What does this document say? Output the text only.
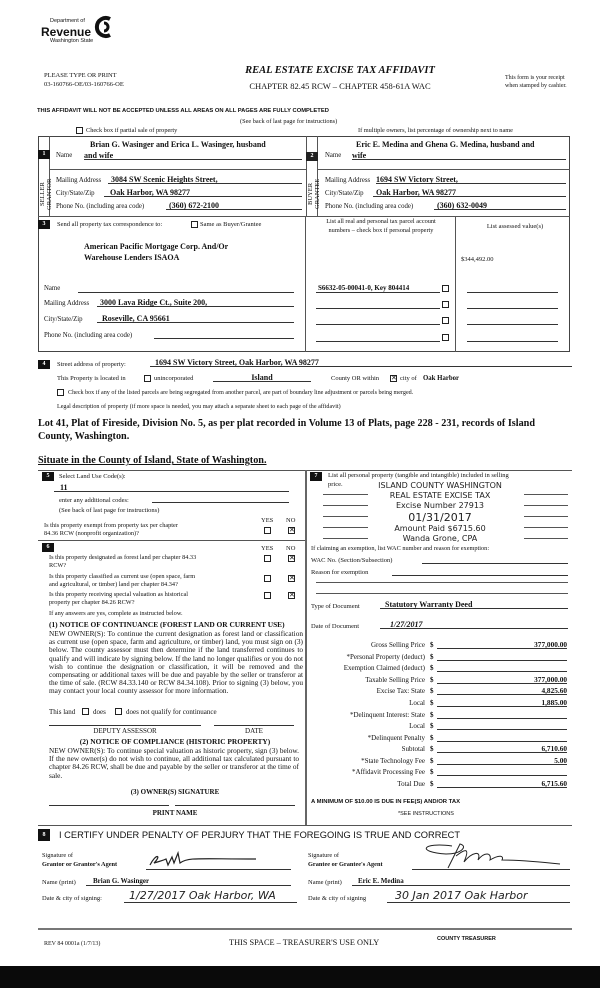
Department of
Revenue
Washington State
PLEASE TYPE OR PRINT
03-160766-OE/03-160766-OE
REAL ESTATE EXCISE TAX AFFIDAVIT
CHAPTER 82.45 RCW – CHAPTER 458-61A WAC
This form is your receipt
when stamped by cashier.
THIS AFFIDAVIT WILL NOT BE ACCEPTED UNLESS ALL AREAS ON ALL PAGES ARE FULLY COMPLETED
(See back of last page for instructions)
Check box if partial sale of property	If multiple owners, list percentage of ownership next to name
1
SELLER GRANTOR
Name
Brian G. Wasinger and Erica L. Wasinger, husband
and wife
Mailing Address	3084 SW Scenic Heights Street,
City/State/Zip	Oak Harbor, WA 98277
Phone No. (including area code)	(360) 672-2100
2
BUYER GRANTEE
Name
Eric E. Medina and Ghena G. Medina, husband and
wife
Mailing Address 1694 SW Victory Street,
City/State/Zip	Oak Harbor, WA 98277
Phone No. (including area code)	(360) 632-0049
3	Send all property tax correspondence to:	Same as Buyer/Grantee
American Pacific Mortgage Corp. And/Or
Warehouse Lenders ISAOA
Name
Mailing Address	3000 Lava Ridge Ct., Suite 200,
City/State/Zip	Roseville, CA 95661
Phone No. (including area code)
List all real and personal tax parcel account
numbers – check box if personal property
List assessed value(s)
$344,492.00
S6632-05-00041-0, Key 804414
4	Street address of property:	1694 SW Victory Street, Oak Harbor, WA 98277
This Property is located in	unincorporated	Island	County OR within ✕ city of Oak Harbor
Check box if any of the listed parcels are being segregated from another parcel, are part of boundary line adjustment or parcels being merged.
Legal description of property (if more space is needed, you may attach a separate sheet to each page of the affidavit)
Lot 41, Plat of Fireside, Division No. 5, as per plat recorded in Volume 13 of Plats, page 228 - 231, records of Island
County, Washington.
Situate in the County of Island, State of Washington.
5	Select Land Use Code(s):
11
enter any additional codes:
(See back of last page for instructions)
YES NO
Is this property exempt from property tax per chapter
84.36 RCW (nonprofit organization)?	✕
6	YES NO
Is this property designated as forest land per chapter 84.33
RCW?
✕
Is this property classified as current use (open space, farm
and agricultural, or timber) land per chapter 84.34?
✕
Is this property receiving special valuation as historical
property per chapter 84.26 RCW?
✕
If any answers are yes, complete as instructed below.
(1) NOTICE OF CONTINUANCE (FOREST LAND OR CURRENT USE)
NEW OWNER(S): To continue the current designation as forest land or classification as current use (open space, farm and agriculture, or timber) land, you must sign on (3) below. The county assessor must then determine if the land transferred continues to qualify and will indicate by signing below. If the land no longer qualifies or you do not wish to continue the designation or classification, it will be removed and the compensating or additional taxes will be due and payable by the seller or transferor at the time of sale. (RCW 84.33.140 or RCW 84.34.108). Prior to signing (3) below, you may contact your local county assessor for more information.
This land	does	does not qualify for continuance
DEPUTY ASSESSOR	DATE
(2) NOTICE OF COMPLIANCE (HISTORIC PROPERTY)
NEW OWNER(S): To continue special valuation as historic property, sign (3) below. If the new owner(s) do not wish to continue, all additional tax calculated pursuant to chapter 84.26 RCW, shall be due and payable by the seller or transferor at the time of sale.
(3) OWNER(S) SIGNATURE
PRINT NAME
7	List all personal property (tangible and intangible) included in selling
price.	ISLAND COUNTY WASHINGTON
REAL ESTATE EXCISE TAX
Excise Number 27913
01/31/2017
Amount Paid $6715.60
Wanda Grone, CPA
If claiming an exemption, list WAC number and reason for exemption:
WAC No. (Section/Subsection)
Reason for exemption
Type of Document	Statutory Warranty Deed
Date of Document	1/27/2017
Gross Selling Price $	377,000.00
*Personal Property (deduct) $
Exemption Claimed (deduct) $
Taxable Selling Price $	377,000.00
Excise Tax: State $	4,825.60
Local $	1,885.00
*Delinquent Interest: State $
Local $
*Delinquent Penalty $
Subtotal $	6,710.60
*State Technology Fee $	5.00
*Affidavit Processing Fee $
Total Due $	6,715.60
A MINIMUM OF $10.00 IS DUE IN FEE(S) AND/OR TAX
*SEE INSTRUCTIONS
8	I CERTIFY UNDER PENALTY OF PERJURY THAT THE FOREGOING IS TRUE AND CORRECT
Signature of
Grantor or Grantor's Agent
Name (print)	Brian G. Wasinger
Date & city of signing:	1/27/2017 Oak Harbor, WA
Signature of
Grantee or Grantee's Agent
Name (print)	Eric E. Medina
Date & city of signing	30 Jan 2017 Oak Harbor
REV 84 0001a (1/7/13)	THIS SPACE – TREASURER'S USE ONLY	COUNTY TREASURER
